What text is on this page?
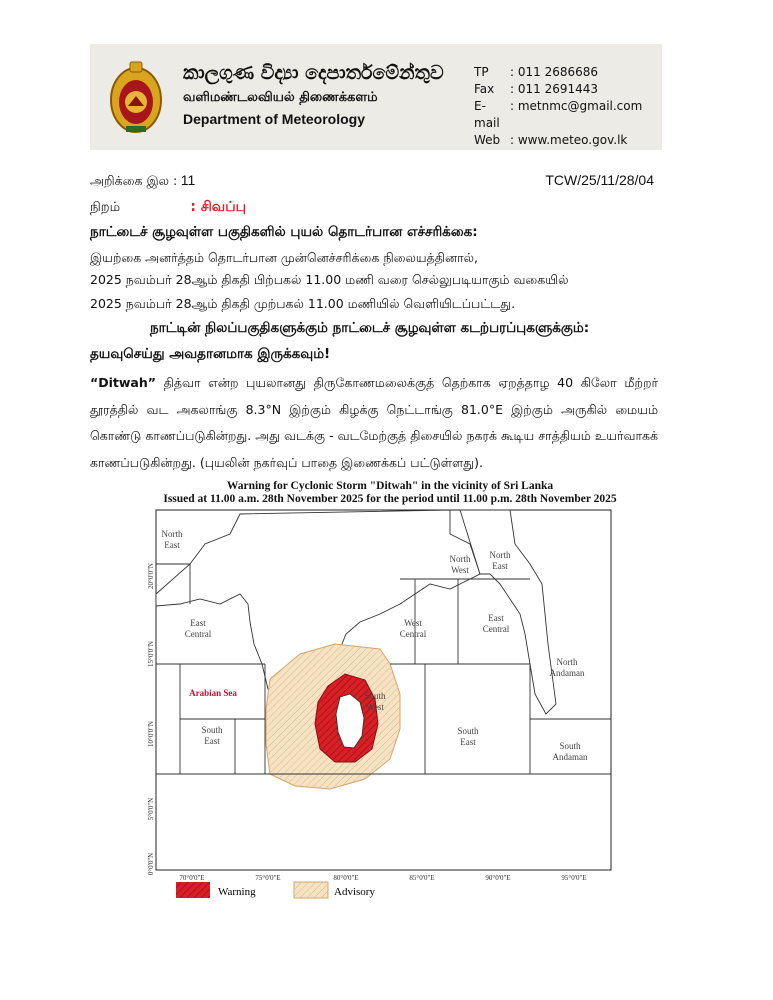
කාලගුණ විද්‍යා දෙපාර්තමේන්තුව
வளிமண்டலவியல் திணைக்களம்
Department of Meteorology
TP	: 011 2686686
Fax	: 011 2691443
E-mail
: metnmc@gmail.com
Web : www.meteo.gov.lk
அறிக்கை இல : 11	TCW/25/11/28/04
நிறம்	: சிவப்பு
நாட்டைச் சூழவுள்ள பகுதிகளில் புயல் தொடர்பான எச்சரிக்கை:
இயற்கை அனர்த்தம் தொடர்பான முன்னெச்சரிக்கை நிலையத்தினால்,
2025 நவம்பர் 28ஆம் திகதி பிற்பகல் 11.00 மணி வரை செல்லுபடியாகும் வகையில்
2025 நவம்பர் 28ஆம் திகதி முற்பகல் 11.00 மணியில் வெளியிடப்பட்டது.
நாட்டின் நிலப்பகுதிகளுக்கும் நாட்டைச் சூழவுள்ள கடற்பரப்புகளுக்கும்:
தயவுசெய்து அவதானமாக இருக்கவும்!
“Ditwah” தித்வா என்ற புயலானது திருகோணமலைக்குத் தெற்காக ஏறத்தாழ 40 கிலோ மீற்றர் தூரத்தில் வட அகலாங்கு 8.3°N இற்கும் கிழக்கு நெட்டாங்கு 81.0°E இற்கும் அருகில் மையம் கொண்டு காணப்படுகின்றது. அது வடக்கு - வடமேற்குத் திசையில் நகரக் கூடிய சாத்தியம் உயர்வாகக் காணப்படுகின்றது. (புயலின் நகர்வுப் பாதை இணைக்கப் பட்டுள்ளது).
Warning for Cyclonic Storm "Ditwah" in the vicinity of Sri Lanka
Issued at 11.00 a.m. 28th November 2025 for the period until 11.00 p.m. 28th November 2025
North
East
North
West
North
East
East
Central
West
Central
East
Central
North
Andaman
Arabian Sea
South
East
South
West
South
East	South
Andaman
70°0'0"E	75°0'0"E	80°0'0"E	85°0'0"E	90°0'0"E	95°0'0"E
20°0'0"N
15°0'0"N
10°0'0"N
5°0'0"N
0°0'0"N
Warning	Advisory
